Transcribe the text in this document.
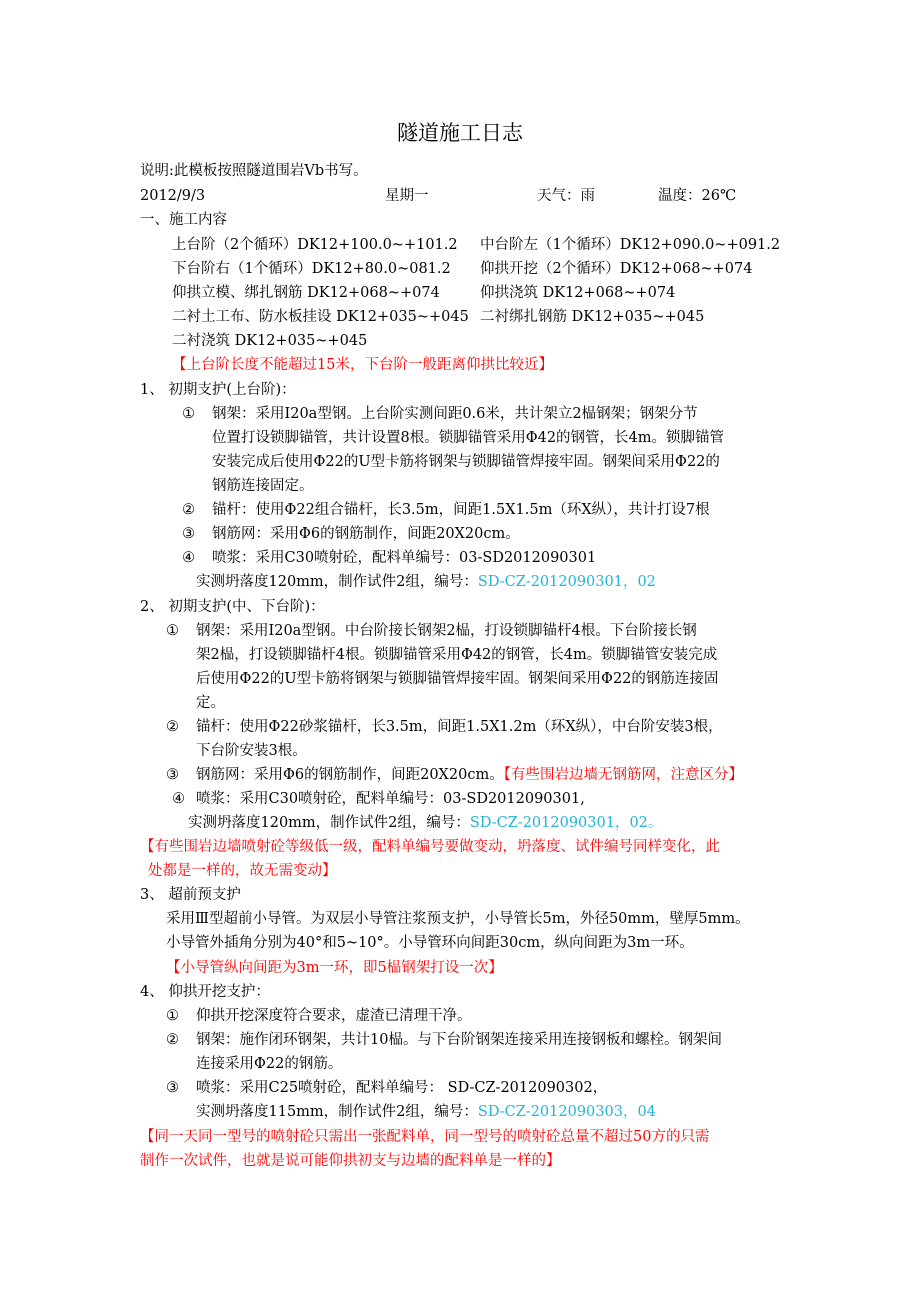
隧道施工日志
说明:此模板按照隧道围岩Ⅴb书写。
2012/9/3	星期一	天气：雨	温度：26℃
一、施工内容
上台阶（2个循环）DK12+100.0~+101.2 中台阶左（1个循环）DK12+090.0~+091.2
下台阶右（1个循环）DK12+80.0~081.2 仰拱开挖（2个循环）DK12+068~+074
仰拱立模、绑扎钢筋 DK12+068~+074	仰拱浇筑 DK12+068~+074
二衬土工布、防水板挂设 DK12+035~+045 二衬绑扎钢筋 DK12+035~+045
二衬浇筑 DK12+035~+045
【上台阶长度不能超过15米，下台阶一般距离仰拱比较近】
1、 初期支护(上台阶)：
① 钢架：采用Ⅰ20a型钢。上台阶实测间距0.6米，共计架立2榀钢架；钢架分节
位置打设锁脚锚管，共计设置8根。锁脚锚管采用Φ42的钢管，长4m。锁脚锚管
安装完成后使用Φ22的U型卡筋将钢架与锁脚锚管焊接牢固。钢架间采用Φ22的
钢筋连接固定。
② 锚杆：使用Φ22组合锚杆，长3.5m，间距1.5X1.5m（环X纵），共计打设7根
③ 钢筋网：采用Φ6的钢筋制作，间距20X20cm。
④ 喷浆：采用C30喷射砼，配料单编号：03-SD2012090301
实测坍落度120mm，制作试件2组，编号：SD-CZ-2012090301，02
2、 初期支护(中、下台阶)：
① 钢架：采用Ⅰ20a型钢。中台阶接长钢架2榀，打设锁脚锚杆4根。下台阶接长钢
架2榀，打设锁脚锚杆4根。锁脚锚管采用Φ42的钢管，长4m。锁脚锚管安装完成
后使用Φ22的U型卡筋将钢架与锁脚锚管焊接牢固。钢架间采用Φ22的钢筋连接固
定。
② 锚杆：使用Φ22砂浆锚杆，长3.5m，间距1.5X1.2m（环X纵），中台阶安装3根，
下台阶安装3根。
③ 钢筋网：采用Φ6的钢筋制作，间距20X20cm。【有些围岩边墙无钢筋网，注意区分】
④ 喷浆：采用C30喷射砼，配料单编号：03-SD2012090301,
实测坍落度120mm，制作试件2组，编号：SD-CZ-2012090301，02。
【有些围岩边墙喷射砼等级低一级，配料单编号要做变动，坍落度、试件编号同样变化，此
处都是一样的，故无需变动】
3、 超前预支护
采用Ⅲ型超前小导管。为双层小导管注浆预支护，小导管长5m，外径50mm，壁厚5mm。
小导管外插角分别为40°和5~10°。小导管环向间距30cm，纵向间距为3m一环。
【小导管纵向间距为3m一环，即5榀钢架打设一次】
4、 仰拱开挖支护：
① 仰拱开挖深度符合要求，虚渣已清理干净。
② 钢架：施作闭环钢架，共计10榀。与下台阶钢架连接采用连接钢板和螺栓。钢架间
连接采用Φ22的钢筋。
③ 喷浆：采用C25喷射砼，配料单编号： SD-CZ-2012090302，
实测坍落度115mm，制作试件2组，编号：SD-CZ-2012090303，04
【同一天同一型号的喷射砼只需出一张配料单，同一型号的喷射砼总量不超过50方的只需
制作一次试件，也就是说可能仰拱初支与边墙的配料单是一样的】
